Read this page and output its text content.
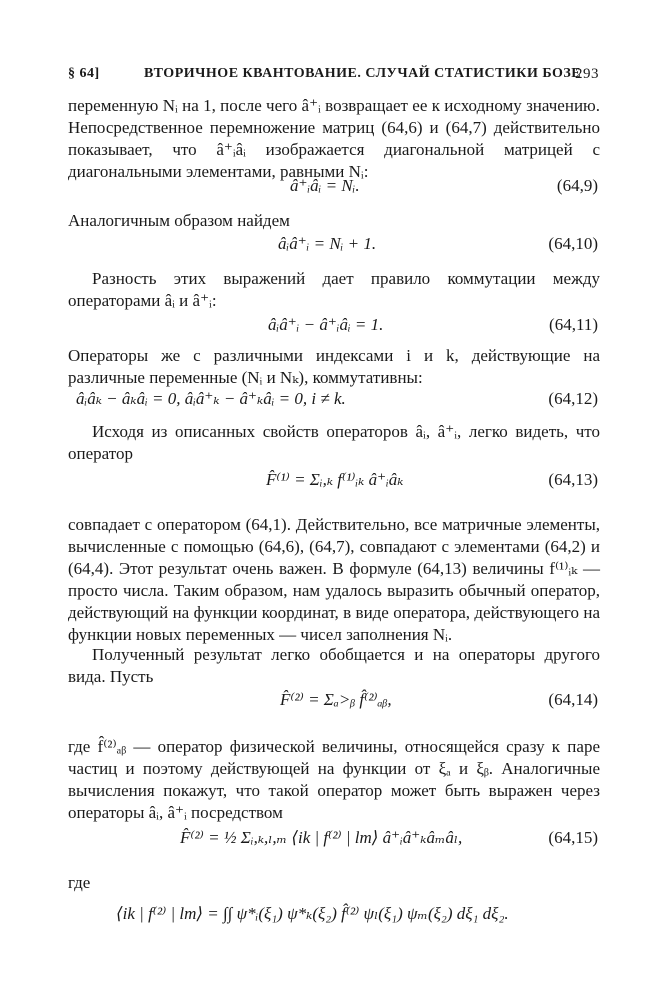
§ 64]	ВТОРИЧНОЕ КВАНТОВАНИЕ. СЛУЧАЙ СТАТИСТИКИ БОЗЕ
293
переменную Nᵢ на 1, после чего â⁺ᵢ возвращает ее к исходному значению. Непосредственное перемножение матриц (64,6) и (64,7) действительно показывает, что â⁺ᵢâᵢ изображается диагональной матрицей с диагональными элементами, равными Nᵢ:
â⁺ᵢâᵢ = Nᵢ.	(64,9)
Аналогичным образом найдем
âᵢâ⁺ᵢ = Nᵢ + 1.	(64,10)
Разность этих выражений дает правило коммутации между операторами âᵢ и â⁺ᵢ:
âᵢâ⁺ᵢ − â⁺ᵢâᵢ = 1.	(64,11)
Операторы же с различными индексами i и k, действующие на различные переменные (Nᵢ и Nₖ), коммутативны:
âᵢâₖ − âₖâᵢ = 0, âᵢâ⁺ₖ − â⁺ₖâᵢ = 0, i ≠ k.	(64,12)
Исходя из описанных свойств операторов âᵢ, â⁺ᵢ, легко видеть, что оператор
F̂⁽¹⁾ = Σᵢ,ₖ f⁽¹⁾ᵢₖ â⁺ᵢâₖ	(64,13)
совпадает с оператором (64,1). Действительно, все матричные элементы, вычисленные с помощью (64,6), (64,7), совпадают с элементами (64,2) и (64,4). Этот результат очень важен. В формуле (64,13) величины f⁽¹⁾ᵢₖ — просто числа. Таким образом, нам удалось выразить обычный оператор, действующий на функции координат, в виде оператора, действующего на функции новых переменных — чисел заполнения Nᵢ.
Полученный результат легко обобщается и на операторы другого вида. Пусть
F̂⁽²⁾ = Σₐ>ᵦ f̂⁽²⁾ₐᵦ,	(64,14)
где f̂⁽²⁾ₐᵦ — оператор физической величины, относящейся сразу к паре частиц и поэтому действующей на функции от ξₐ и ξᵦ. Аналогичные вычисления покажут, что такой оператор может быть выражен через операторы âᵢ, â⁺ᵢ посредством
F̂⁽²⁾ = ½ Σᵢ,ₖ,ₗ,ₘ ⟨ik | f⁽²⁾ | lm⟩ â⁺ᵢâ⁺ₖâₘâₗ,	(64,15)
где
⟨ik | f⁽²⁾ | lm⟩ = ∫∫ ψ*ᵢ(ξ₁) ψ*ₖ(ξ₂) f̂⁽²⁾ ψₗ(ξ₁) ψₘ(ξ₂) dξ₁ dξ₂.
